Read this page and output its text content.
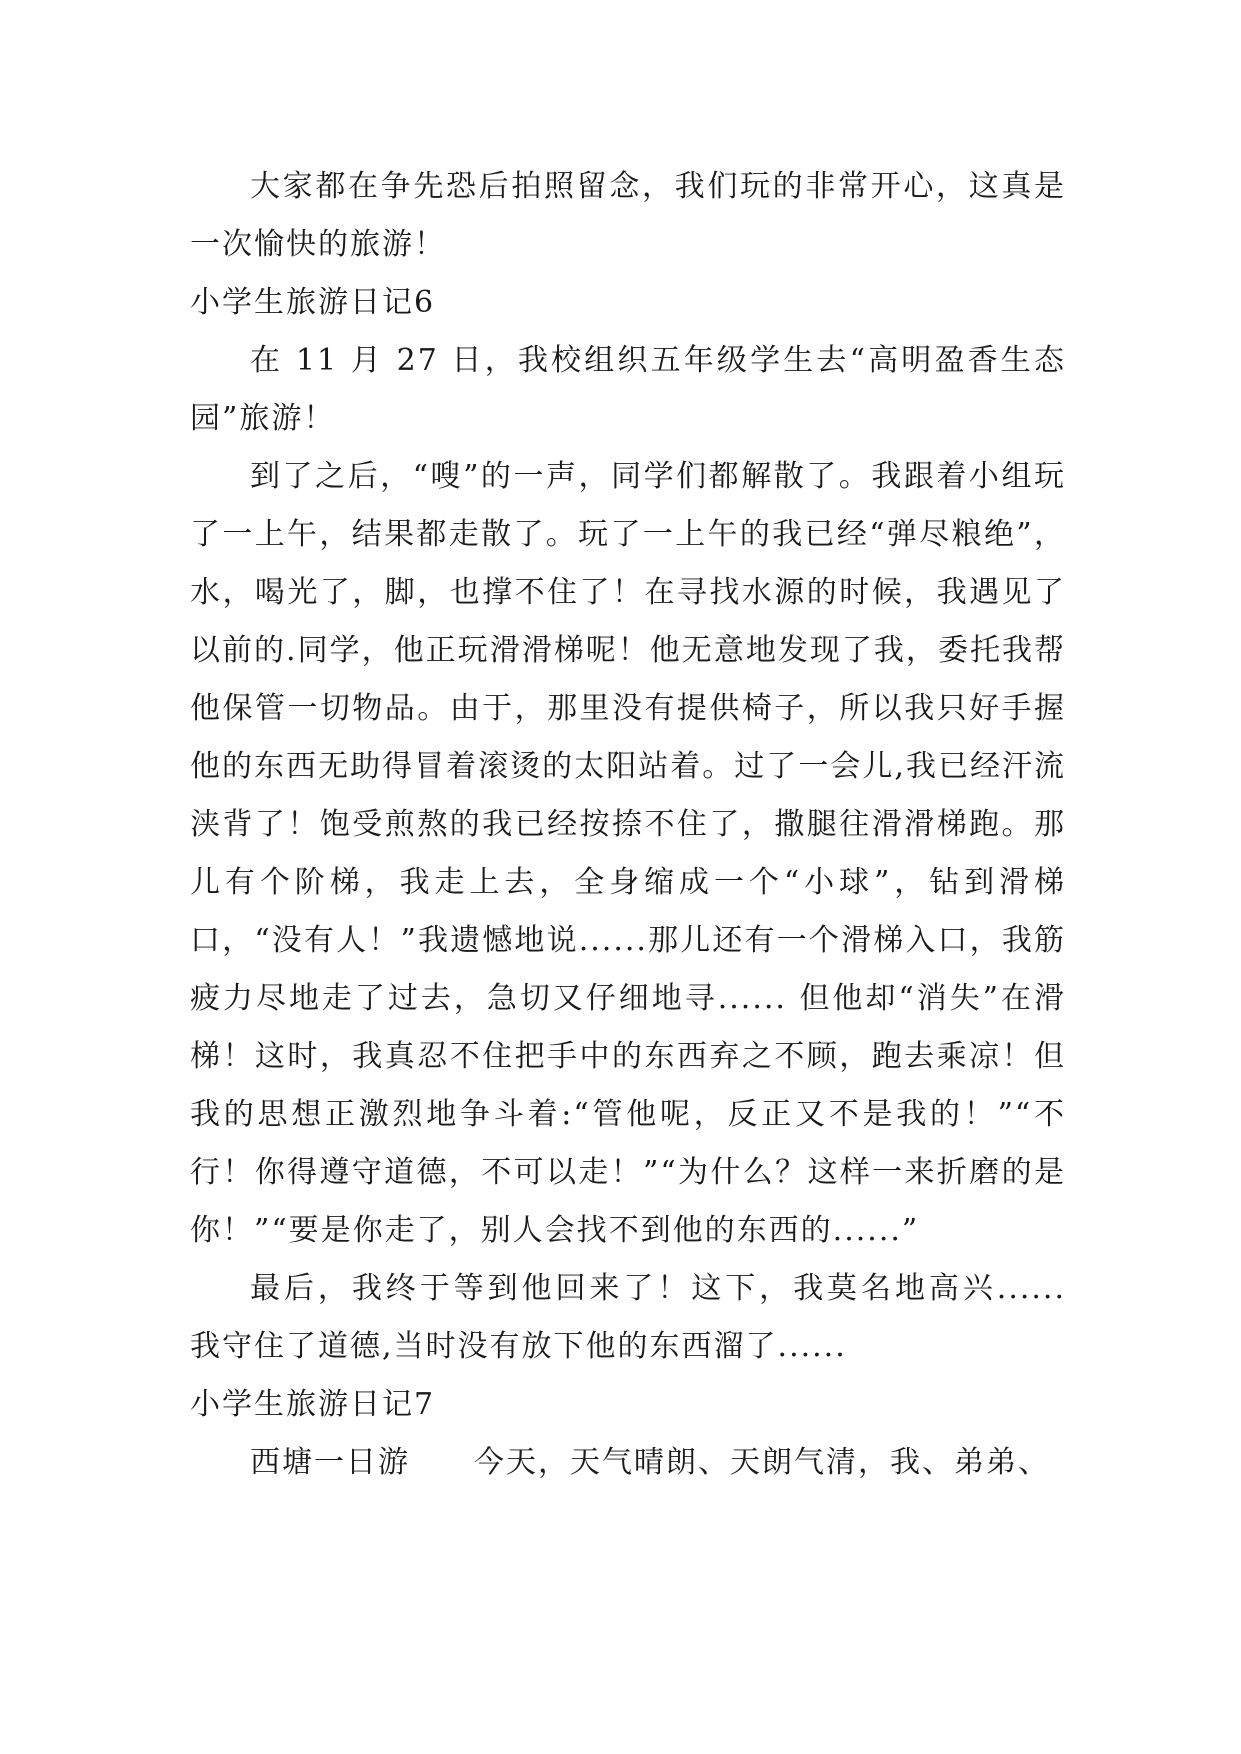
大家都在争先恐后拍照留念，我们玩的非常开心，这真是一次愉快的旅游！

小学生旅游日记6

在 11 月 27 日，我校组织五年级学生去“高明盈香生态园”旅游！

到了之后，“嗖”的一声，同学们都解散了。我跟着小组玩了一上午，结果都走散了。玩了一上午的我已经“弹尽粮绝”，水，喝光了，脚，也撑不住了！在寻找水源的时候，我遇见了以前的.同学，他正玩滑滑梯呢！他无意地发现了我，委托我帮他保管一切物品。由于，那里没有提供椅子，所以我只好手握他的东西无助得冒着滚烫的太阳站着。过了一会儿,我已经汗流浃背了！饱受煎熬的我已经按捺不住了，撒腿往滑滑梯跑。那儿有个阶梯，我走上去，全身缩成一个“小球”，钻到滑梯口，“没有人！”我遗憾地说......那儿还有一个滑梯入口，我筋疲力尽地走了过去，急切又仔细地寻...... 但他却“消失”在滑梯！这时，我真忍不住把手中的东西弃之不顾，跑去乘凉！但我的思想正激烈地争斗着:“管他呢，反正又不是我的！”“不行！你得遵守道德，不可以走！”“为什么？这样一来折磨的是你！”“要是你走了，别人会找不到他的东西的......”

最后，我终于等到他回来了！这下，我莫名地高兴...... 我守住了道德,当时没有放下他的东西溜了......

小学生旅游日记7

西塘一日游　　今天，天气晴朗、天朗气清，我、弟弟、
